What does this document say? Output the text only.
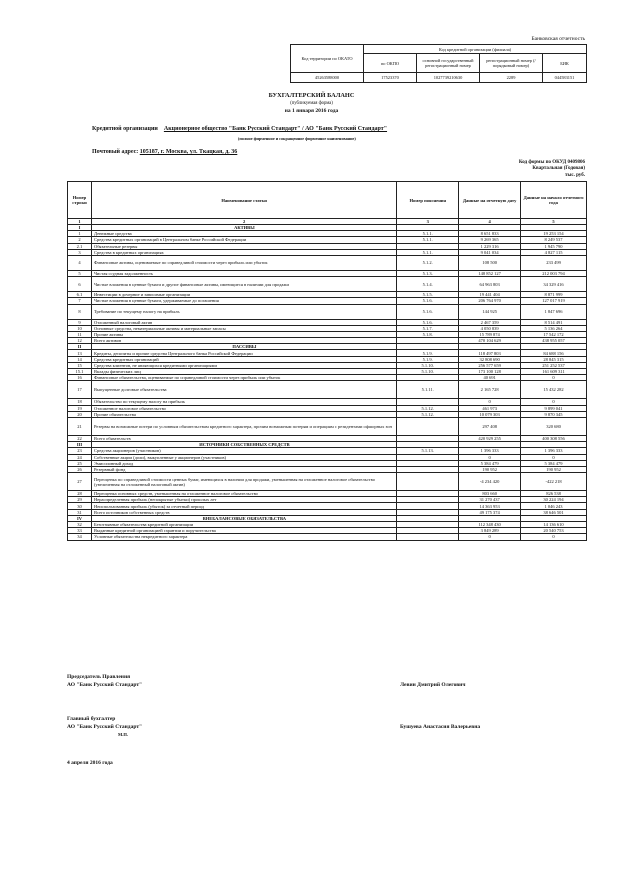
Банковская отчетность
Код территории по ОКАТО	Код кредитной организации (филиала)			
	по ОКПО	основной государственный регистрационный номер	регистрационный номер (/порядковый номер)	БИК
45263588000	17523370	1027739210630	2289	044583151
БУХГАЛТЕРСКИЙ БАЛАНС
(публикуемая форма)
на 1 января 2016 года
Кредитной организации Акционерное общество "Банк Русский Стандарт" / АО "Банк Русский Стандарт"
(полное фирменное и сокращенное фирменное наименование)
Почтовый адрес: 105187, г. Москва, ул. Ткацкая, д. 36
Код формы по ОКУД 0409806
Квартальная (Годовая)
тыс. руб.
Номер строки	Наименование статьи	Номер пояснения	Данные на отчетную дату	Данные на начало отчетного года
1	2	3	4	5
I	АКТИВЫ			
1	Денежные средства	5.1.1.	8 651 833	19 253 154
2	Средства кредитных организаций в Центральном банке Российской Федерации	5.1.1.	9 269 365	8 249 537
2.1	Обязательные резервы		1 229 316	1 945 790
3	Средства в кредитных организациях	5.1.1.	9 041 034	4 827 115
4	Финансовые активы, оцениваемые по справедливой стоимости через прибыль или убыток	5.1.2.	108 500	233 499
5	Чистая ссудная задолженность	5.1.3.	148 852 127	212 003 794
6	Чистые вложения в ценные бумаги и другие финансовые активы, имеющиеся в наличии для продажи	5.1.4.	64 963 803	34 329 416
6.1	Инвестиции в дочерние и зависимые организации	5.1.5.	19 441 404	8 871 999
7	Чистые вложения в ценные бумаги, удерживаемые до погашения	5.1.6.	206 764 970	127 017 919
8	Требование по текущему налогу на прибыль	5.1.6.	144 925	1 847 696
9	Отложенный налоговый актив	5.1.6.	2 467 359	8 514 491
10	Основные средства, нематериальные активы и материальные запасы	5.1.7.	4 050 839	5 136 264
11	Прочие активы	5.1.8.	15 789 874	17 542 172
12	Всего активов		470 104 629	438 955 057
II	ПАССИВЫ			
13	Кредиты, депозиты и прочие средства Центрального банка Российской Федерации	5.1.9.	118 497 803	84 688 156
14	Средства кредитных организаций	5.1.9.	32 808 690	28 845 315
15	Средства клиентов, не являющихся кредитными организациями	5.1.10.	256 577 659	251 252 537
15.1	Вклады физических лиц	5.1.10.	173 100 128	161 609 311
16	Финансовые обязательства, оцениваемые по справедливой стоимости через прибыль или убыток		40 691	0
17	Выпущенные долговые обязательства	5.1.11.	2 165 728	15 432 282
18	Обязательство по текущему налогу на прибыль		0	0
19	Отложенное налоговое обязательство	5.1.12.	461 973	9 899 041
20	Прочие обязательства	5.1.12.	10 079 303	9 870 345
21	Резервы на возможные потери по условным обязательствам кредитного характера, прочим возможным потерям и операциям с резидентами офшорных зон		297 408	320 680
22	Всего обязательств		420 929 255	400 308 556
III	ИСТОЧНИКИ СОБСТВЕННЫХ СРЕДСТВ			
23	Средства акционеров (участников)	5.1.13.	1 396 333	1 396 333
24	Собственные акции (доли), выкупленные у акционеров (участников)		0	0
25	Эмиссионный доход		5 384 479	5 384 479
26	Резервный фонд		190 952	190 952
27	Переоценка по справедливой стоимости ценных бумаг, имеющихся в наличии для продажи, уменьшенная на отложенное налоговое обязательство (увеличенная на отложенный налоговый актив)		-4 234 420	-422 218
28	Переоценка основных средств, уменьшенная на отложенное налоговое обязательство		803 660	826 538
29	Нераспределенная прибыль (непокрытые убытки) прошлых лет		31 270 437	30 224 194
30	Неиспользованная прибыль (убыток) за отчетный период		14 363 953	1 046 243
31	Всего источников собственных средств		49 175 374	38 646 501
IV	ВНЕБАЛАНСОВЫЕ ОБЯЗАТЕЛЬСТВА			
32	Безотзывные обязательства кредитной организации		112 348 430	14 136 610
33	Выданные кредитной организацией гарантии и поручительства		3 849 289	20 540 753
34	Условные обязательства некредитного характера		0	0
Председатель Правления
АО "Банк Русский Стандарт"	Левин Дмитрий Олегович
Главный бухгалтер
АО "Банк Русский Стандарт"	Бушуева Анастасия Валерьевна
М.П.
4 апреля 2016 года
